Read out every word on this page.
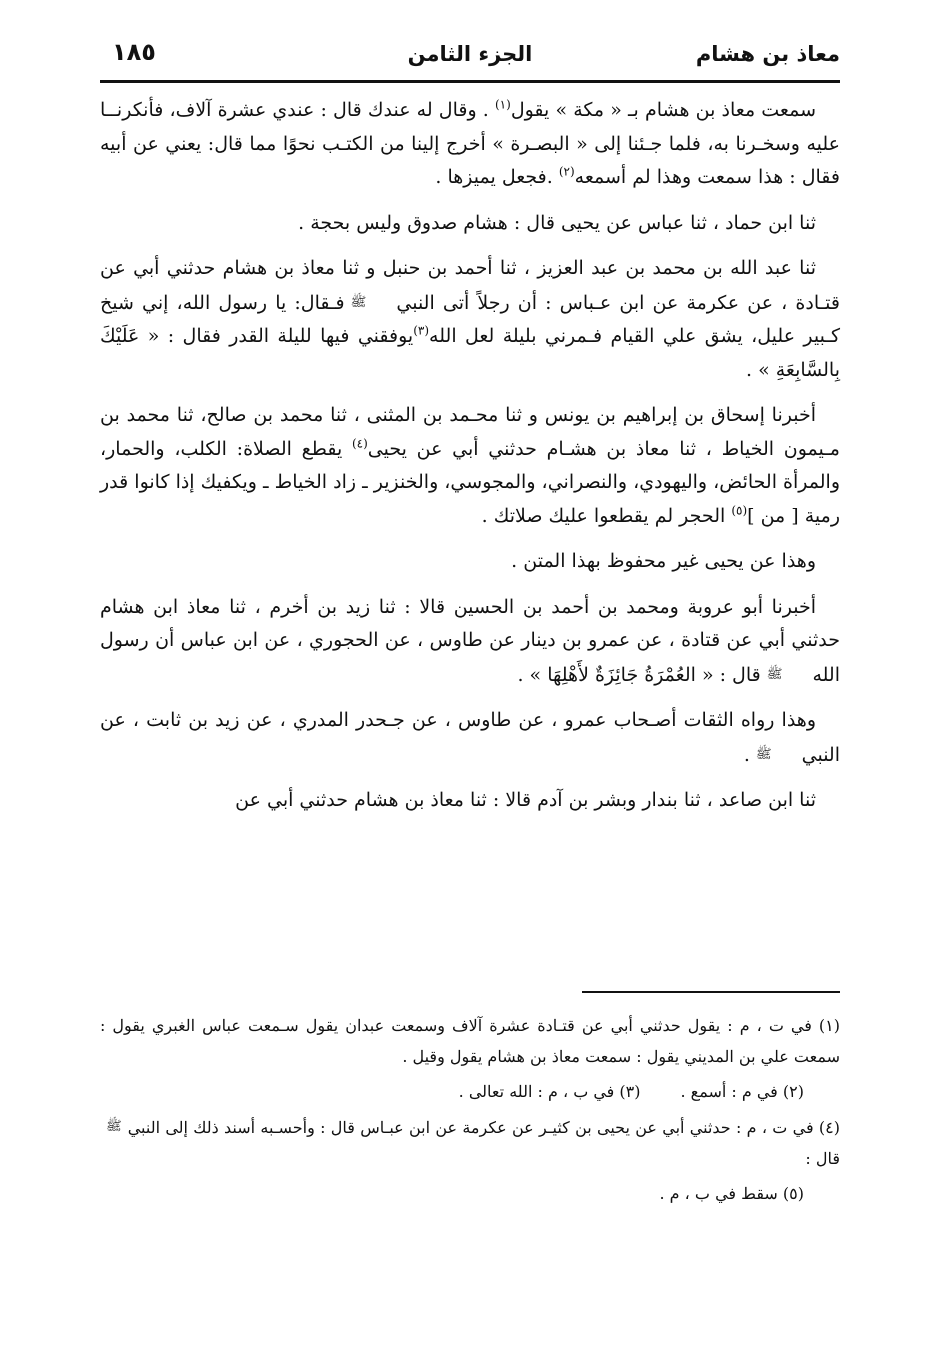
معاذ بن هشام
الجزء الثامن
١٨٥

سمعت معاذ بن هشام بـ « مكة » يقول$^{(١)}$ . وقال له عندك قال : عندي عشرة آلاف، فأنكرنــا عليه وسخـرنا به، فلما جـئنا إلى « البصـرة » أخرج إلينا من الكتـب نحوًا مما قال: يعني عن أبيه فقال : هذا سمعت وهذا لم أسمعه$^{(٢)}$ .فجعل يميزها .

ثنا ابن حماد ، ثنا عباس عن يحيى قال : هشام صدوق وليس بحجة .

ثنا عبد الله بن محمد بن عبد العزيز ، ثنا أحمد بن حنبل و ثنا معاذ بن هشام حدثني أبي عن قتـادة ، عن عكرمة عن ابن عـباس : أن رجلاً أتى النبيﷺفـقال: يا رسول الله، إني شيخ كـبير عليل، يشق علي القيام فـمرني بليلة لعل الله$^{(٣)}$يوفقني فيها لليلة القدر فقال : « عَلَيْكَ بِالسَّابِعَةِ » .

أخبرنا إسحاق بن إبراهيم بن يونس و ثنا محـمد بن المثنى ، ثنا محمد بن صالح، ثنا محمد بن مـيمون الخياط ، ثنا معاذ بن هشـام حدثني أبي عن يحيى$^{(٤)}$ يقطع الصلاة: الكلب، والحمار، والمرأة الحائض، واليهودي، والنصراني، والمجوسي، والخنزير ـ زاد الخياط ـ ويكفيك إذا كانوا قدر رمية [ من ]$^{(٥)}$ الحجر لم يقطعوا عليك صلاتك .

وهذا عن يحيى غير محفوظ بهذا المتن .

أخبرنا أبو عروبة ومحمد بن أحمد بن الحسين قالا : ثنا زيد بن أخرم ، ثنا معاذ ابن هشام حدثني أبي عن قتادة ، عن عمرو بن دينار عن طاوس ، عن الحجوري ، عن ابن عباس أن رسول اللهﷺقال : « العُمْرَةُ جَائِزَةٌ لأَهْلِهَا » .

وهذا رواه الثقات أصـحاب عمرو ، عن طاوس ، عن جـحدر المدري ، عن زيد بن ثابت ، عن النبيﷺ.

ثنا ابن صاعد ، ثنا بندار وبشر بن آدم قالا : ثنا معاذ بن هشام حدثني أبي عن

(١) في ت ، م : يقول حدثني أبي عن قتـادة عشرة آلاف وسمعت عبدان يقول سـمعت عباس الغبري يقول : سمعت علي بن المديني يقول : سمعت معاذ بن هشام يقول وقيل .

(٢) في م : أسمع .(٣) في ب ، م : الله تعالى .

(٤) في ت ، م : حدثني أبي عن يحيى بن كثيـر عن عكرمة عن ابن عبـاس قال : وأحسـبه أسند ذلك إلى النبيﷺقال :

(٥) سقط في ب ، م .
